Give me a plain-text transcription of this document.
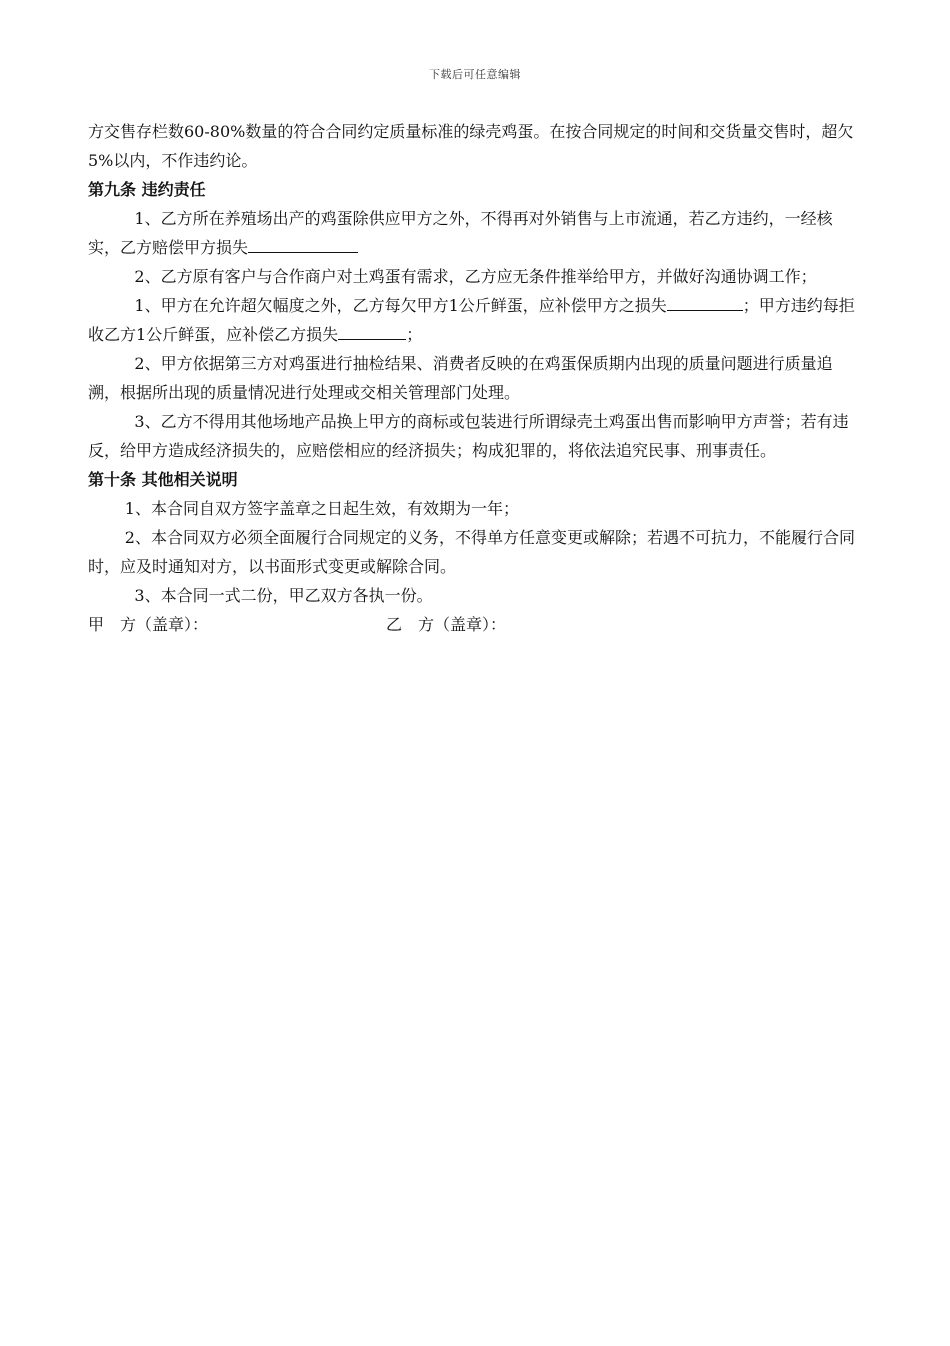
下载后可任意编辑

方交售存栏数60-80%数量的符合合同约定质量标准的绿壳鸡蛋。在按合同规定的时间和交货量交售时，超欠5%以内，不作违约论。

第九条 违约责任

1、乙方所在养殖场出产的鸡蛋除供应甲方之外，不得再对外销售与上市流通，若乙方违约，一经核实，乙方赔偿甲方损失

2、乙方原有客户与合作商户对土鸡蛋有需求，乙方应无条件推举给甲方，并做好沟通协调工作；

1、甲方在允许超欠幅度之外，乙方每欠甲方1公斤鲜蛋，应补偿甲方之损失	；甲方违约每拒收乙方1公斤鲜蛋，应补偿乙方损失	；

2、甲方依据第三方对鸡蛋进行抽检结果、消费者反映的在鸡蛋保质期内出现的质量问题进行质量追溯，根据所出现的质量情况进行处理或交相关管理部门处理。

3、乙方不得用其他场地产品换上甲方的商标或包装进行所谓绿壳土鸡蛋出售而影响甲方声誉；若有违反，给甲方造成经济损失的，应赔偿相应的经济损失；构成犯罪的，将依法追究民事、刑事责任。

第十条 其他相关说明

1、本合同自双方签字盖章之日起生效，有效期为一年；

2、本合同双方必须全面履行合同规定的义务，不得单方任意变更或解除；若遇不可抗力，不能履行合同时，应及时通知对方，以书面形式变更或解除合同。

3、本合同一式二份，甲乙双方各执一份。

甲　方（盖章）：	乙　方（盖章）：
